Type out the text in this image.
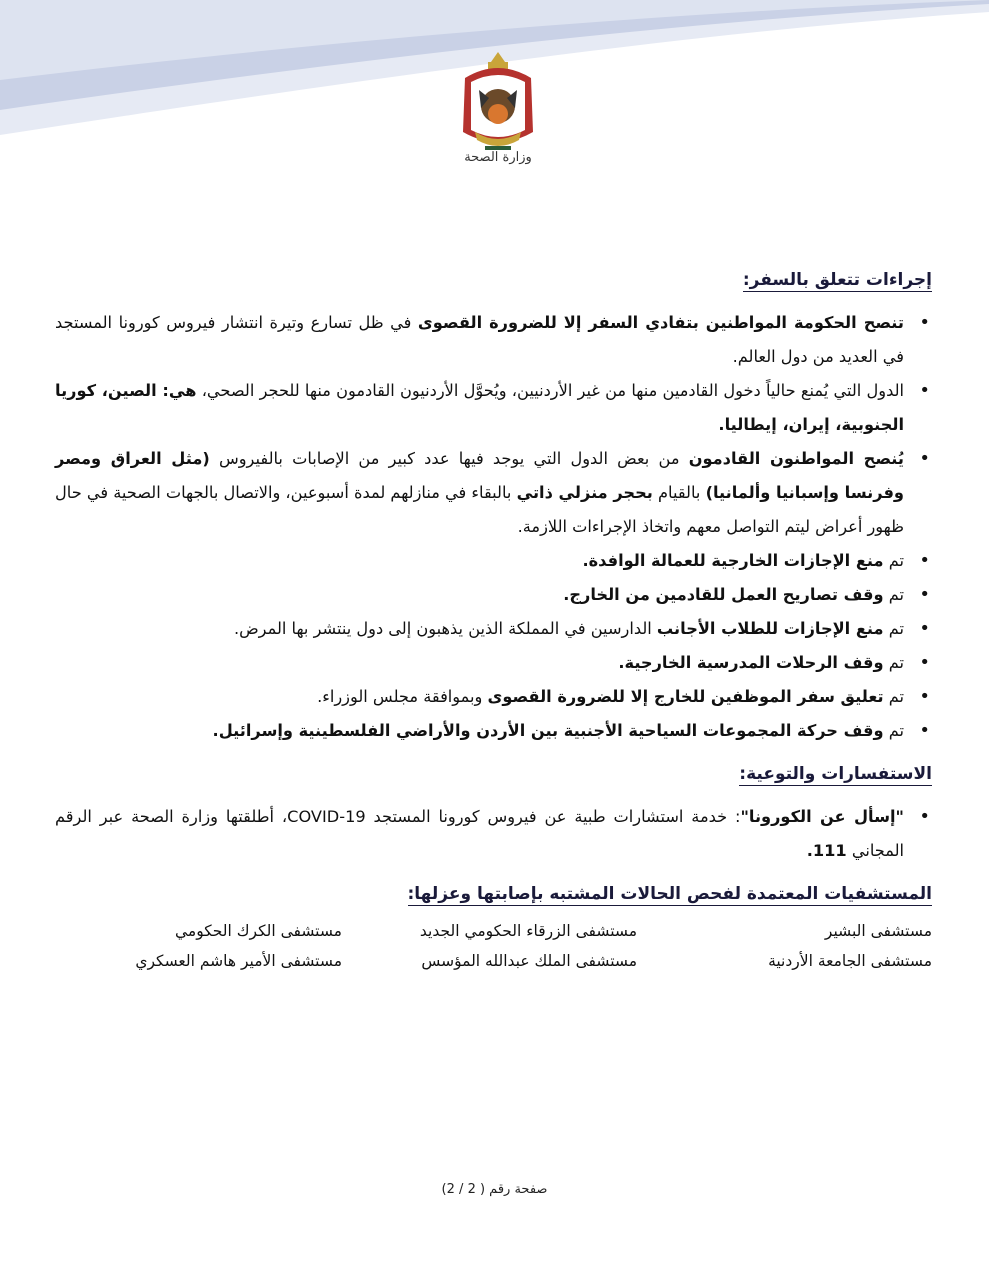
وزارة الصحة
إجراءات تتعلق بالسفر:
• تنصح الحكومة المواطنين بتفادي السفر إلا للضرورة القصوى في ظل تسارع وتيرة انتشار فيروس كورونا المستجد في العديد من دول العالم.
• الدول التي يُمنع حالياً دخول القادمين منها من غير الأردنيين، ويُحوَّل الأردنيون القادمون منها للحجر الصحي، هي: الصين، كوريا الجنوبية، إيران، إيطاليا.
• يُنصح المواطنون القادمون من بعض الدول التي يوجد فيها عدد كبير من الإصابات بالفيروس (مثل العراق ومصر وفرنسا وإسبانيا وألمانيا) بالقيام بحجر منزلي ذاتي بالبقاء في منازلهم لمدة أسبوعين، والاتصال بالجهات الصحية في حال ظهور أعراض ليتم التواصل معهم واتخاذ الإجراءات اللازمة.
• تم منع الإجازات الخارجية للعمالة الوافدة.
• تم وقف تصاريح العمل للقادمين من الخارج.
• تم منع الإجازات للطلاب الأجانب الدارسين في المملكة الذين يذهبون إلى دول ينتشر بها المرض.
• تم وقف الرحلات المدرسية الخارجية.
• تم تعليق سفر الموظفين للخارج إلا للضرورة القصوى وبموافقة مجلس الوزراء.
• تم وقف حركة المجموعات السياحية الأجنبية بين الأردن والأراضي الفلسطينية وإسرائيل.
الاستفسارات والتوعية:
• "إسأل عن الكورونا": خدمة استشارات طبية عن فيروس كورونا المستجد COVID-19، أطلقتها وزارة الصحة عبر الرقم المجاني 111.
المستشفيات المعتمدة لفحص الحالات المشتبه بإصابتها وعزلها:
مستشفى البشير
مستشفى الزرقاء الحكومي الجديد
مستشفى الكرك الحكومي
مستشفى الجامعة الأردنية
مستشفى الملك عبدالله المؤسس
مستشفى الأمير هاشم العسكري
صفحة رقم ( 2 / 2)
